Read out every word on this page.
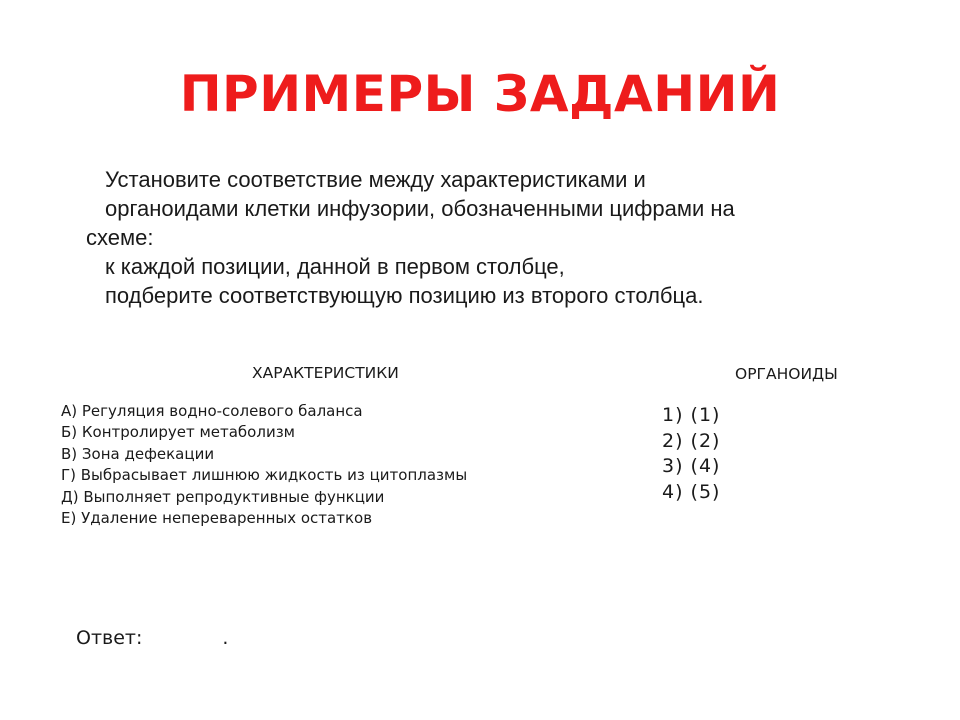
ПРИМЕРЫ ЗАДАНИЙ
Установите соответствие между характеристиками и
органоидами клетки инфузории, обозначенными цифрами на
схеме:
к каждой позиции, данной в первом столбце,
подберите соответствующую позицию из второго столбца.
ХАРАКТЕРИСТИКИ	ОРГАНОИДЫ
А) Регуляция водно-солевого баланса
Б) Контролирует метаболизм
В) Зона дефекации
Г) Выбрасывает лишнюю жидкость из цитоплазмы
Д) Выполняет репродуктивные функции
Е) Удаление непереваренных остатков
1) (1)
2) (2)
3) (4)
4) (5)
Ответ:	.
